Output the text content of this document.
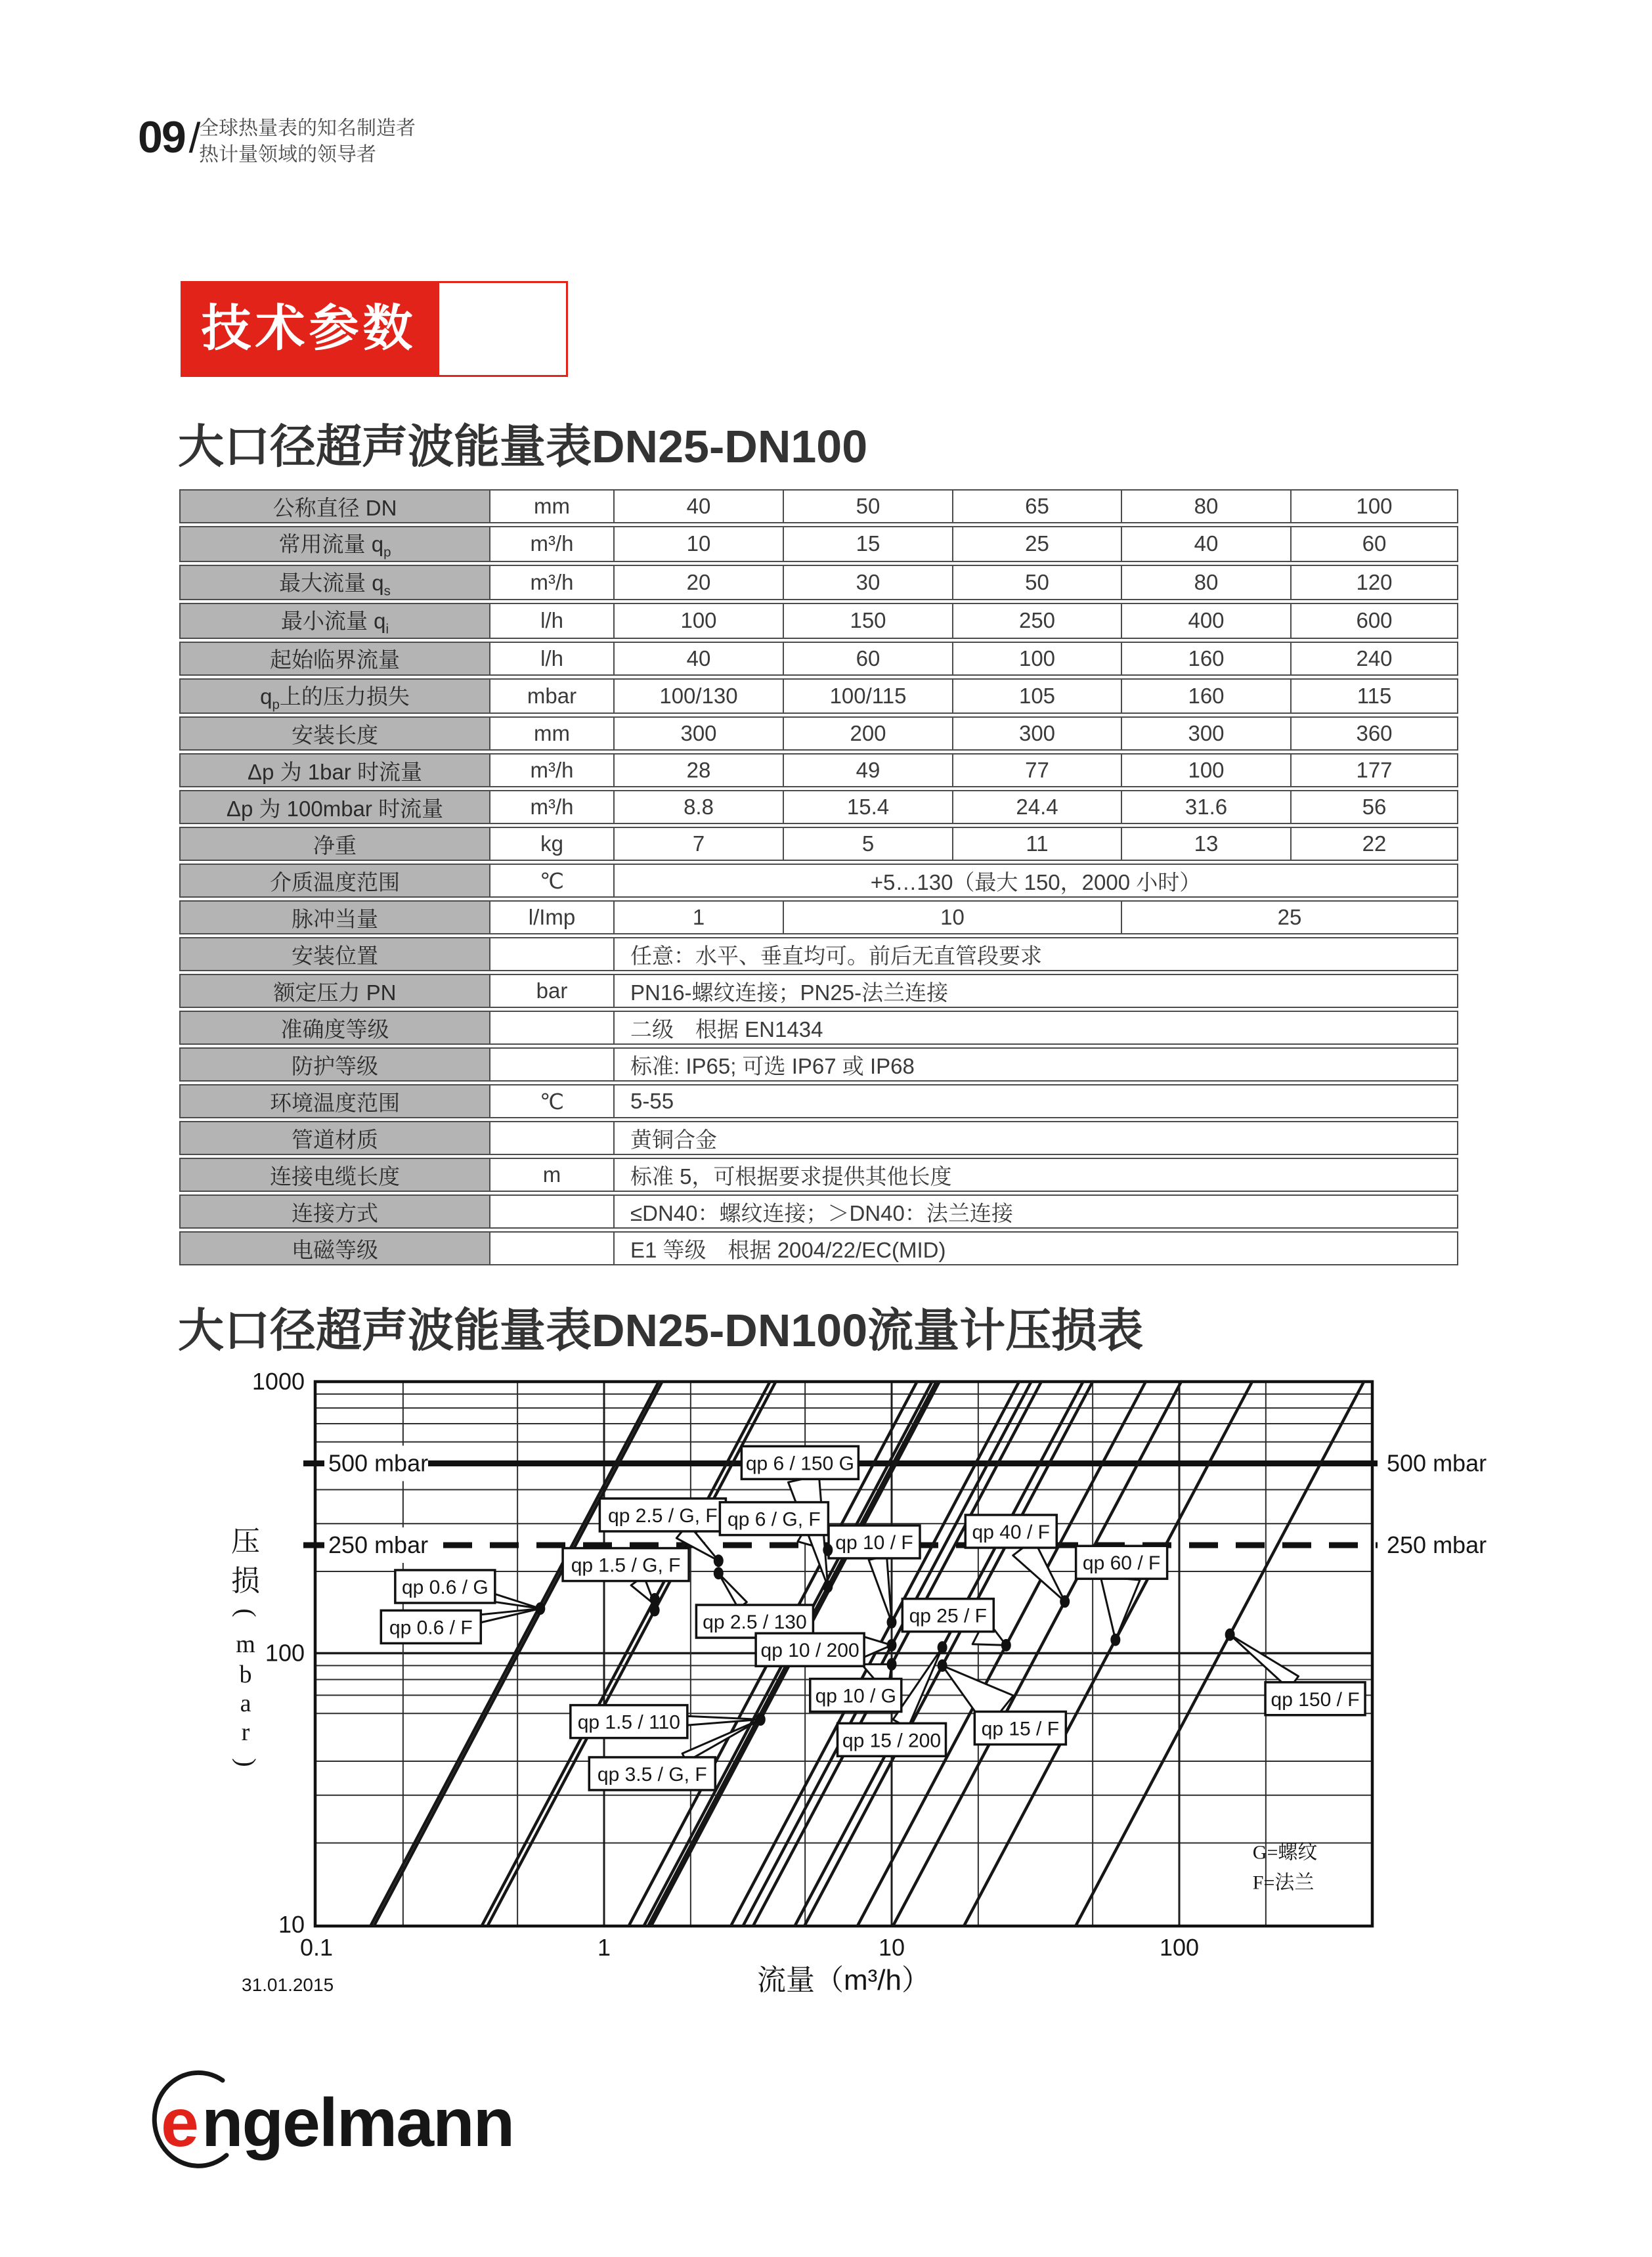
09/ 全球热量表的知名制造者
热计量领域的领导者
技术参数
大口径超声波能量表DN25-DN100
公称直径 DN	mm	40	50	65	80	100
常用流量 $q_p$	m³/h	10	15	25	40	60
最大流量 $q_s$	m³/h	20	30	50	80	120
最小流量 $q_i$	l/h	100	150	250	400	600
起始临界流量	l/h	40	60	100	160	240
$q_p$上的压力损失	mbar	100/130	100/115	105	160	115
安装长度	mm	300	200	300	300	360
Δp 为 1bar 时流量	m³/h	28	49	77	100	177
Δp 为 100mbar 时流量	m³/h	8.8	15.4	24.4	31.6	56
净重	kg	7	5	11	13	22
介质温度范围	℃	+5…130（最大 150，2000 小时）				
脉冲当量	l/Imp	1	10		25	
安装位置		任意：水平、垂直均可。前后无直管段要求				
额定压力 PN	bar	PN16-螺纹连接；PN25-法兰连接				
准确度等级		二级　根据 EN1434				
防护等级		标准: IP65; 可选 IP67 或 IP68				
环境温度范围	℃	5-55				
管道材质		黄铜合金				
连接电缆长度	m	标准 5，可根据要求提供其他长度				
连接方式		≤DN40：螺纹连接；＞DN40：法兰连接				
电磁等级		E1 等级　根据 2004/22/EC(MID)				
大口径超声波能量表DN25-DN100流量计压损表
500 mbar	500 mbar
250 mbar	250 mbar
qp 0.6 / G
qp 0.6 / F
qp 1.5 / G, F
qp 2.5 / G, F
qp 2.5 / 130
qp 6 / G, F
qp 6 / 150 G
qp 10 / F	qp 40 / F
qp 60 / F
qp 25 / F
qp 10 / 200
qp 10 / G
qp 15 / 200
qp 15 / F
qp 1.5 / 110
qp 3.5 / G, F
qp 150 / F
1000
100
10
0.1	1	10	100
流量（m³/h）
压
损
(
m
b
a
r
)
G=螺纹
F=法兰
31.01.2015
e ngelmann
